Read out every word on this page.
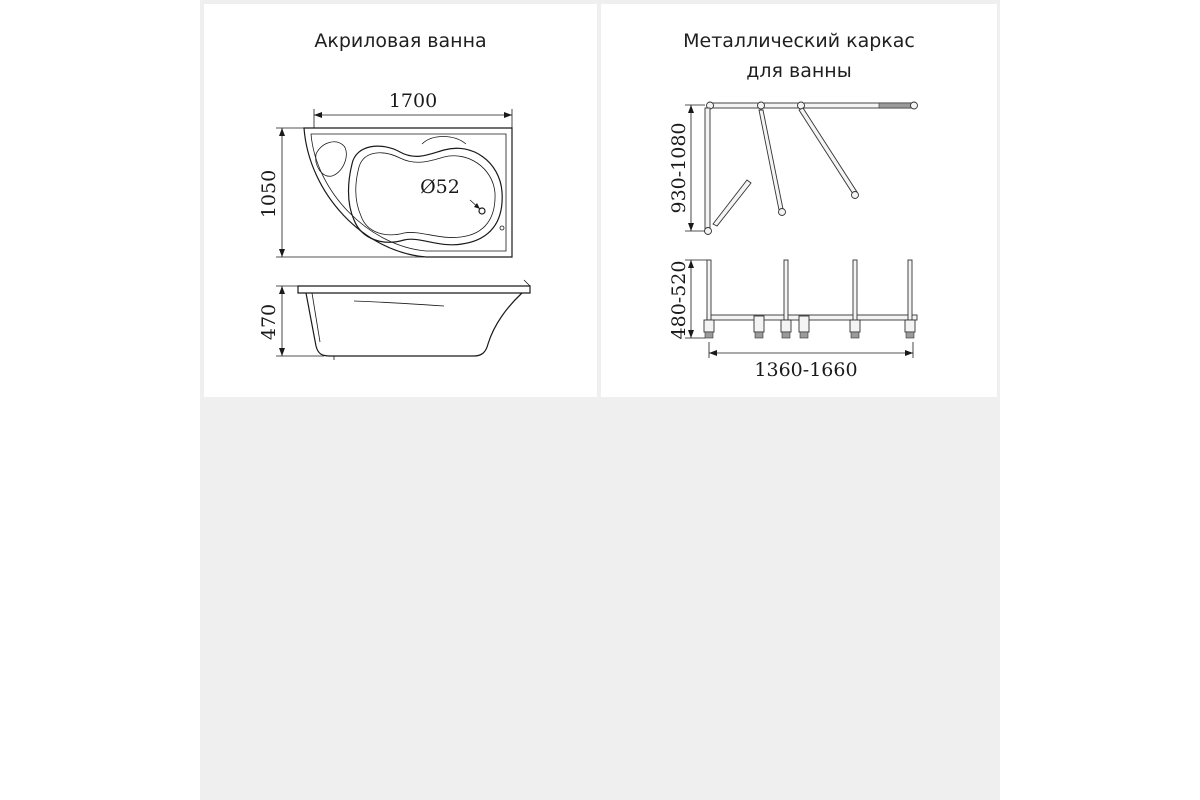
Акриловая ванна
1700
1050	Ø52
470
Металлический каркас
для ванны
930-1080
480-520
1360-1660
